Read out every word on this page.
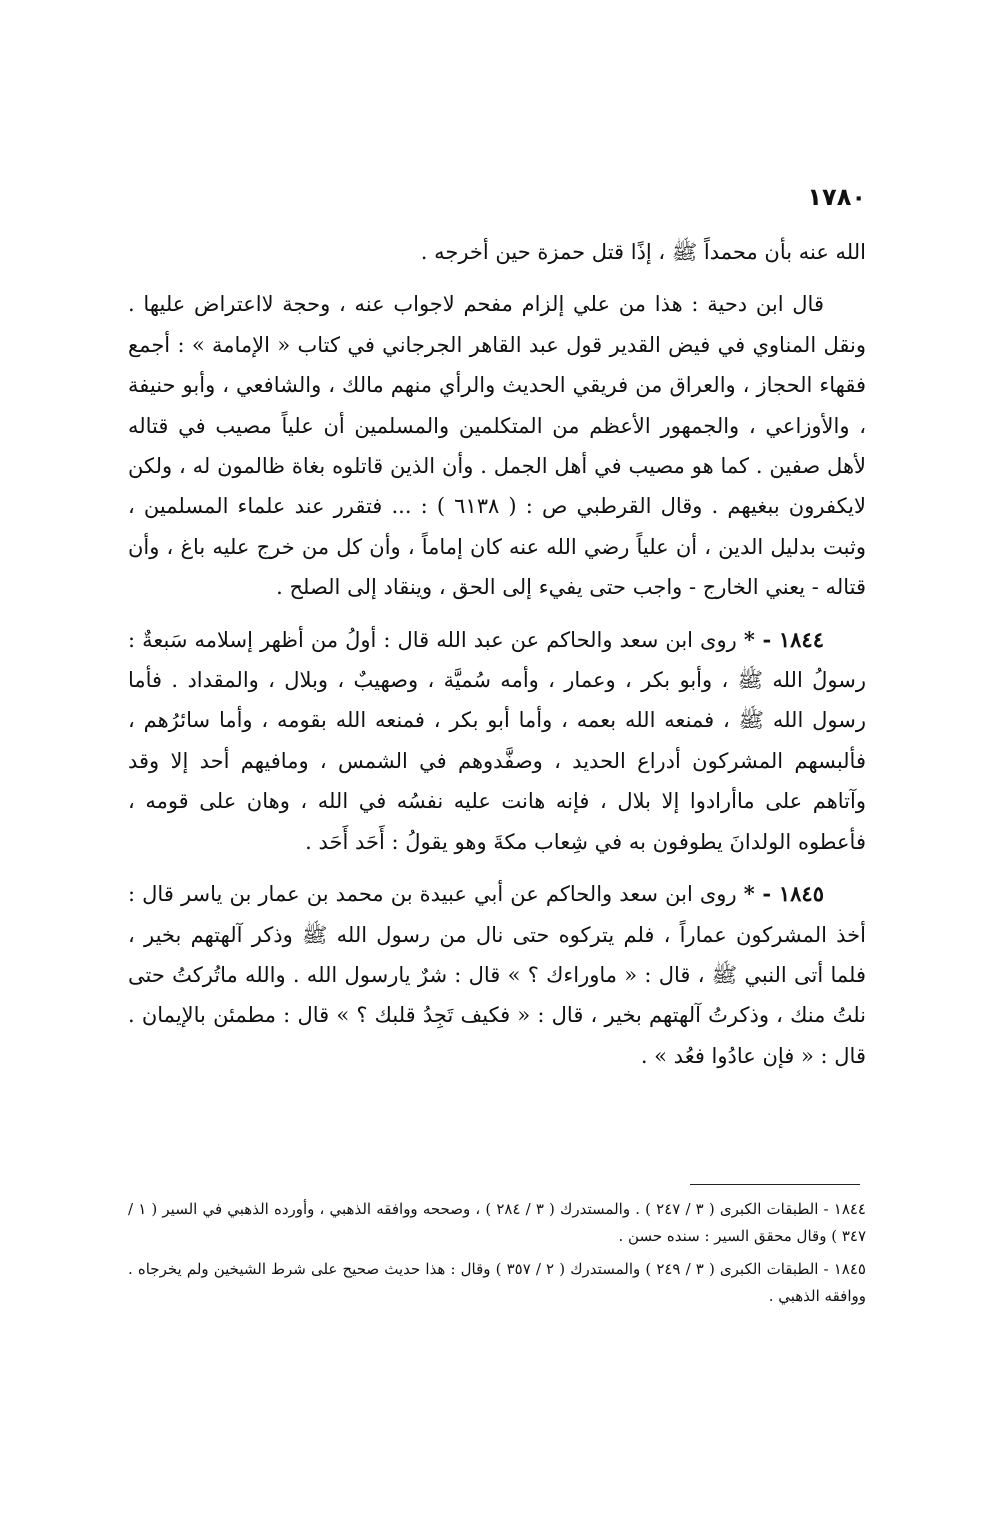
١٧٨٠

الله عنه بأن محمداً ﷺ ، إذًا قتل حمزة حين أخرجه .

قال ابن دحية : هذا من علي إلزام مفحم لاجواب عنه ، وحجة لااعتراض عليها . ونقل المناوي في فيض القدير قول عبد القاهر الجرجاني في كتاب « الإمامة » : أجمع فقهاء الحجاز ، والعراق من فريقي الحديث والرأي منهم مالك ، والشافعي ، وأبو حنيفة ، والأوزاعي ، والجمهور الأعظم من المتكلمين والمسلمين أن علياً مصيب في قتاله لأهل صفين . كما هو مصيب في أهل الجمل . وأن الذين قاتلوه بغاة ظالمون له ، ولكن لايكفرون ببغيهم . وقال القرطبي ص : ( ٦١٣٨ ) : ... فتقرر عند علماء المسلمين ، وثبت بدليل الدين ، أن علياً رضي الله عنه كان إماماً ، وأن كل من خرج عليه باغ ، وأن قتاله - يعني الخارج - واجب حتى يفيء إلى الحق ، وينقاد إلى الصلح .

١٨٤٤ - * روى ابن سعد والحاكم عن عبد الله قال : أولُ من أظهر إسلامه سَبعةٌ : رسولُ الله ﷺ ، وأبو بكر ، وعمار ، وأمه سُميَّة ، وصهيبٌ ، وبلال ، والمقداد . فأما رسول الله ﷺ ، فمنعه الله بعمه ، وأما أبو بكر ، فمنعه الله بقومه ، وأما سائرُهم ، فألبسهم المشركون أدراع الحديد ، وصفَّدوهم في الشمس ، ومافيهم أحد إلا وقد وآتاهم على ماأرادوا إلا بلال ، فإنه هانت عليه نفسُه في الله ، وهان على قومه ، فأعطوه الولدانَ يطوفون به في شِعاب مكةَ وهو يقولُ : أَحَد أَحَد .

١٨٤٥ - * روى ابن سعد والحاكم عن أبي عبيدة بن محمد بن عمار بن ياسر قال : أخذ المشركون عماراً ، فلم يتركوه حتى نال من رسول الله ﷺ وذكر آلهتهم بخير ، فلما أتى النبي ﷺ ، قال : « ماوراءك ؟ » قال : شرٌ يارسول الله . والله ماتُركتُ حتى نلتُ منك ، وذكرتُ آلهتهم بخير ، قال : « فكيف تَجِدُ قلبك ؟ » قال : مطمئن بالإيمان . قال : « فإن عادُوا فعُد » .

١٨٤٤ - الطبقات الكبرى ( ٣ / ٢٤٧ ) . والمستدرك ( ٣ / ٢٨٤ ) ، وصححه ووافقه الذهبي ، وأورده الذهبي في السير ( ١ / ٣٤٧ ) وقال محقق السير : سنده حسن .

١٨٤٥ - الطبقات الكبرى ( ٣ / ٢٤٩ ) والمستدرك ( ٢ / ٣٥٧ ) وقال : هذا حديث صحيح على شرط الشيخين ولم يخرجاه . ووافقه الذهبي .
